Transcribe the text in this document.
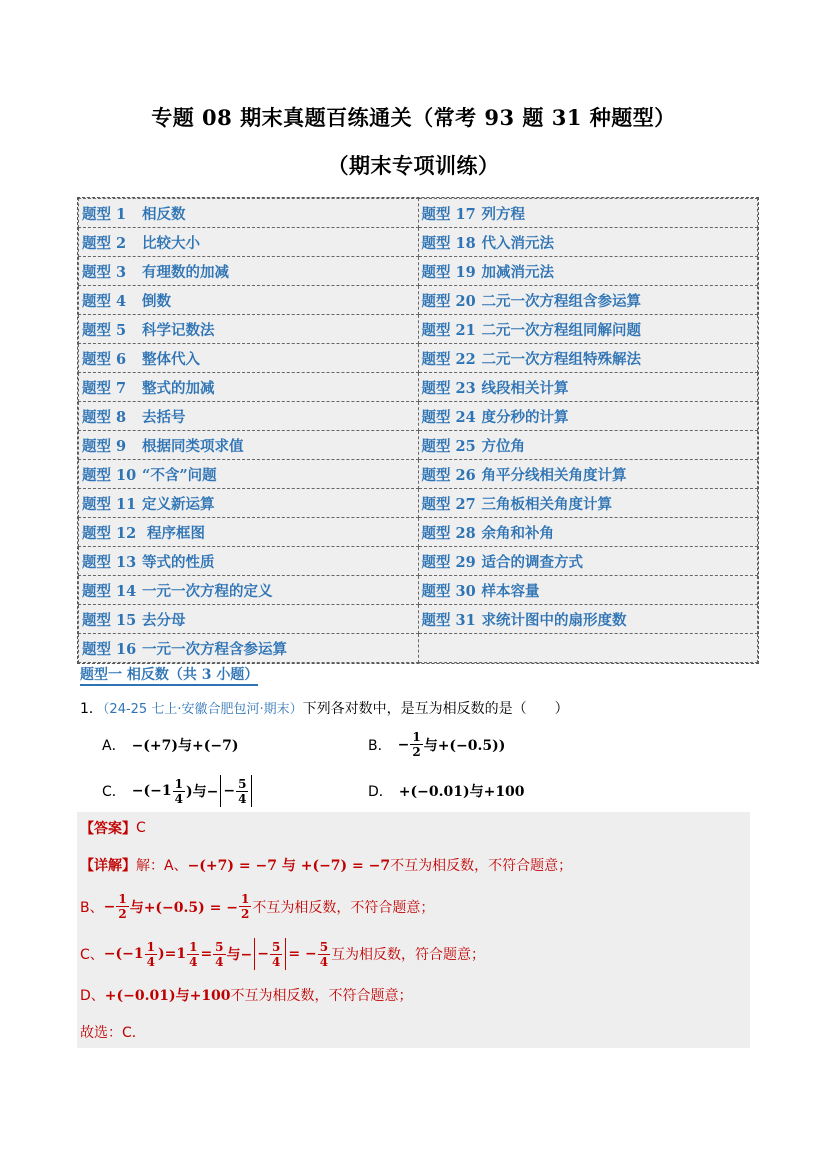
专题 08 期末真题百练通关（常考 93 题 31 种题型）
（期末专项训练）
题型 1 相反数	题型 17 列方程
题型 2 比较大小	题型 18 代入消元法
题型 3 有理数的加减	题型 19 加减消元法
题型 4 倒数	题型 20 二元一次方程组含参运算
题型 5 科学记数法	题型 21 二元一次方程组同解问题
题型 6 整体代入	题型 22 二元一次方程组特殊解法
题型 7 整式的加减	题型 23 线段相关计算
题型 8 去括号	题型 24 度分秒的计算
题型 9 根据同类项求值	题型 25 方位角
题型 10 “不含”问题	题型 26 角平分线相关角度计算
题型 11 定义新运算	题型 27 三角板相关角度计算
题型 12 程序框图	题型 28 余角和补角
题型 13 等式的性质	题型 29 适合的调查方式
题型 14 一元一次方程的定义	题型 30 样本容量
题型 15 去分母	题型 31 求统计图中的扇形度数
题型 16 一元一次方程含参运算	
题型一 相反数（共 3 小题）
1．（24-25 七上·安徽合肥包河·期末）下列各对数中，是互为相反数的是（　　）
A． −(+7)与+(−7)	B． − $\frac{1}{2}$ 与+(−0.5))
C． $-(-1 \frac{1}{4}$ )与− − $\frac{5}{4}$	D． +(−0.01)与+100
【答案】 C
【详解】 解：A、 −(+7) = −7 与 +(−7) = −7 不互为相反数，不符合题意；
B、 − $\frac{1}{2}$ 与+(−0.5) = − $\frac{1}{2}$ 不互为相反数，不符合题意；
C、 $-(-1 \frac{1}{4} )=1 \frac{1}{4} = \frac{5}{4}$ 与− − $\frac{5}{4}$ = − $\frac{5}{4}$ 互为相反数，符合题意；
D、 +(−0.01)与+100 不互为相反数，不符合题意；
故选：C．
